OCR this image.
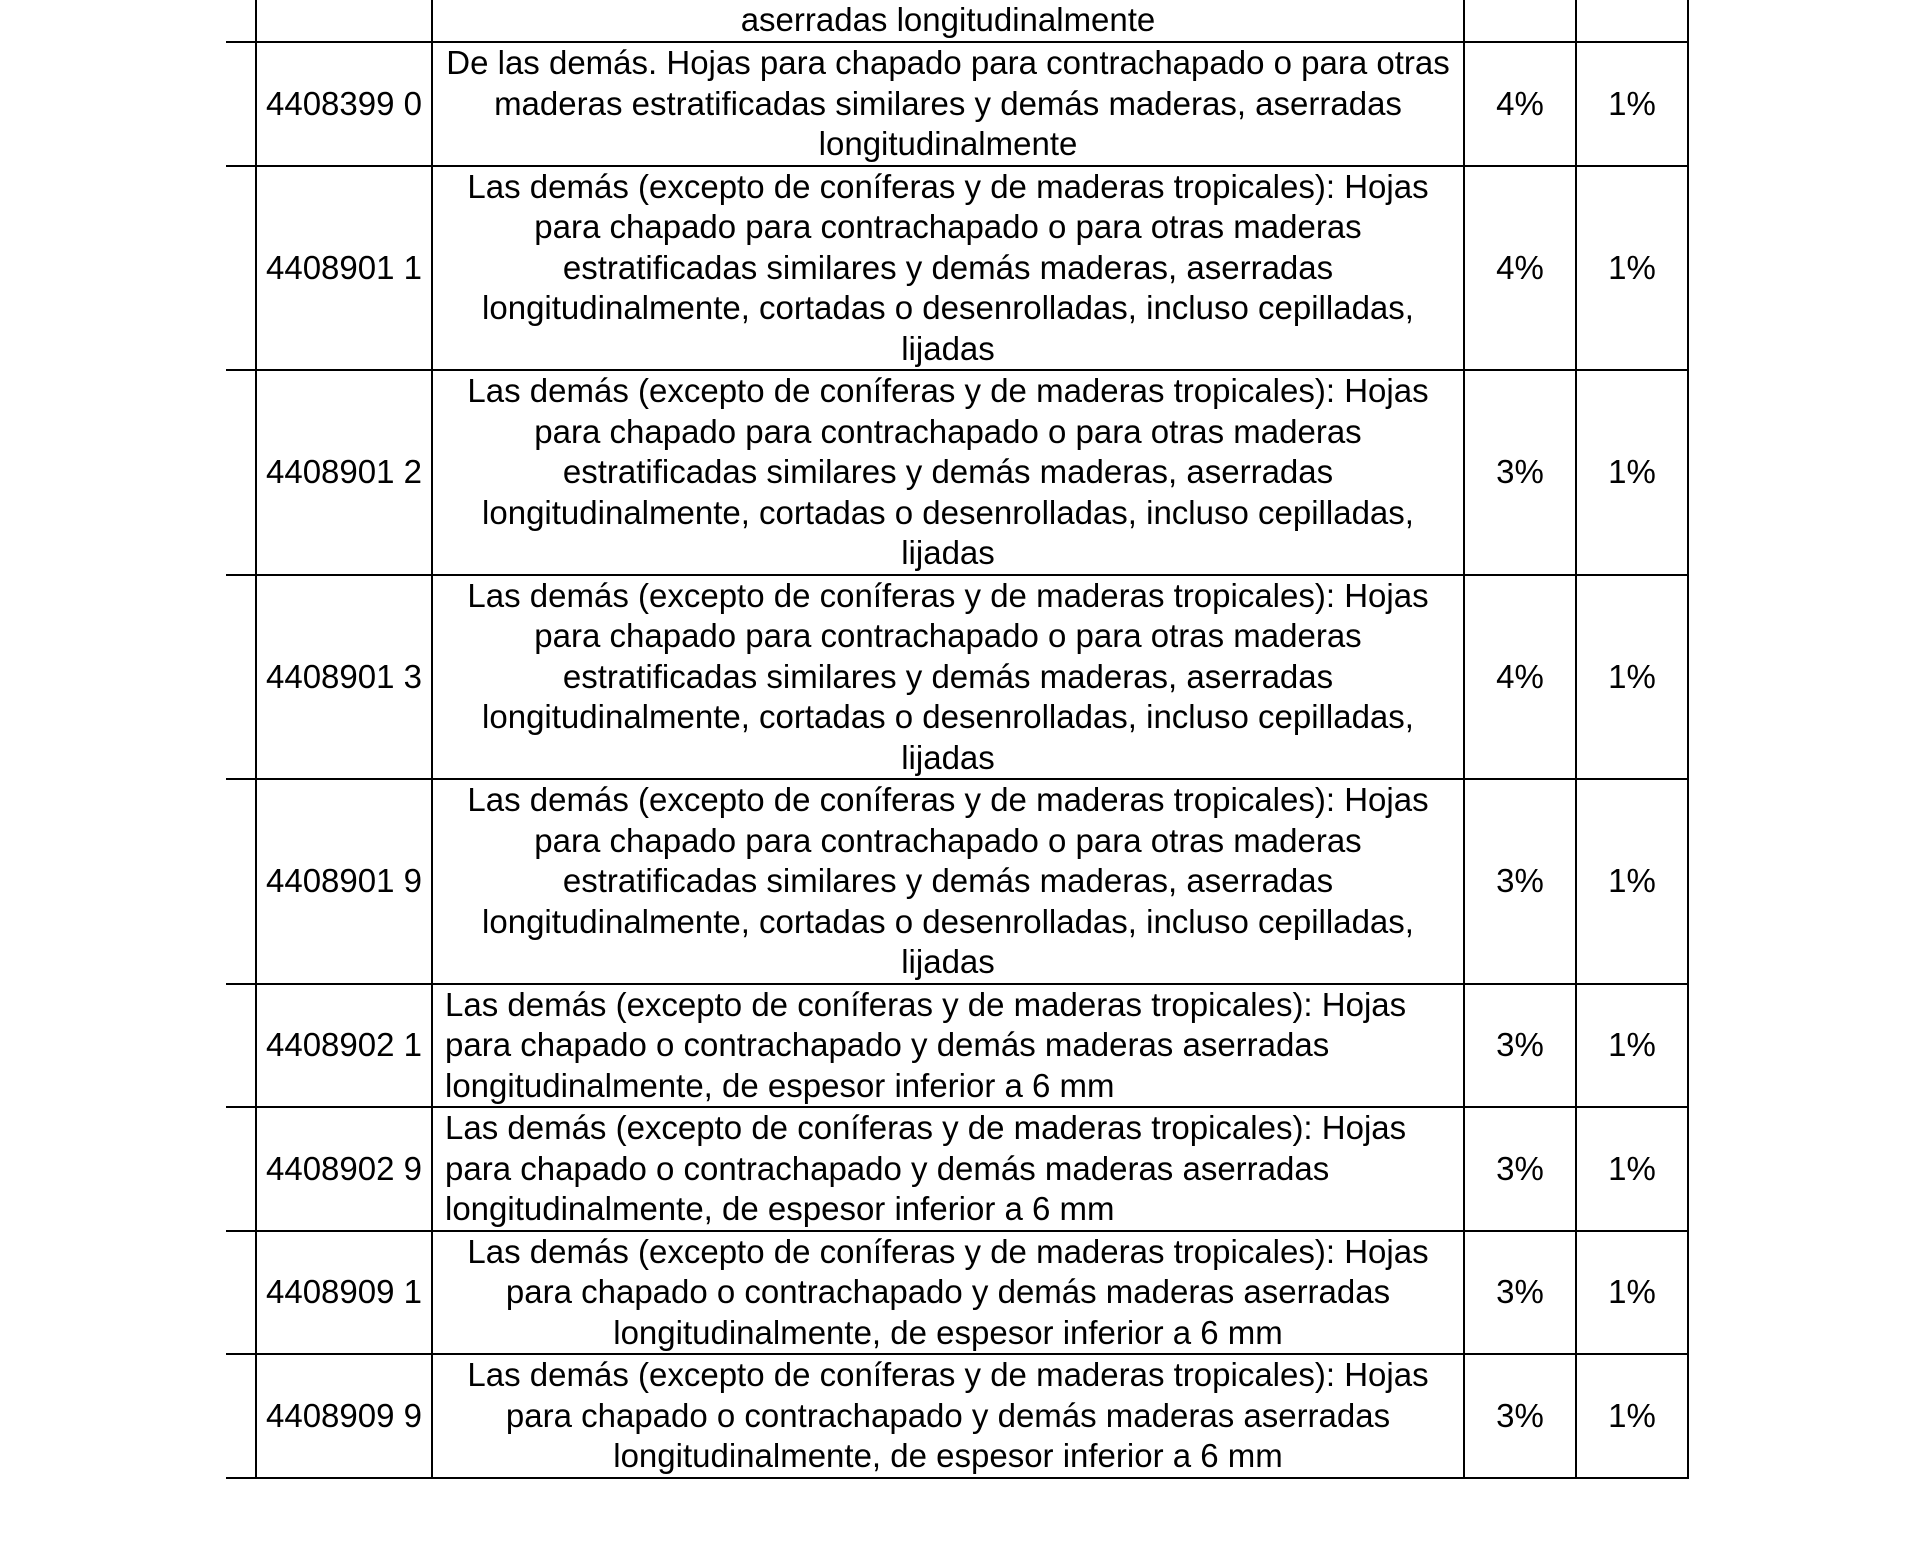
		aserradas longitudinalmente		
	4408399 0	De las demás. Hojas para chapado para contrachapado o para otras maderas estratificadas similares y demás maderas, aserradas longitudinalmente	4%	1%
	4408901 1	Las demás (excepto de coníferas y de maderas tropicales): Hojas para chapado para contrachapado o para otras maderas estratificadas similares y demás maderas, aserradas longitudinalmente, cortadas o desenrolladas, incluso cepilladas, lijadas	4%	1%
	4408901 2	Las demás (excepto de coníferas y de maderas tropicales): Hojas para chapado para contrachapado o para otras maderas estratificadas similares y demás maderas, aserradas longitudinalmente, cortadas o desenrolladas, incluso cepilladas, lijadas	3%	1%
	4408901 3	Las demás (excepto de coníferas y de maderas tropicales): Hojas para chapado para contrachapado o para otras maderas estratificadas similares y demás maderas, aserradas longitudinalmente, cortadas o desenrolladas, incluso cepilladas, lijadas	4%	1%
	4408901 9	Las demás (excepto de coníferas y de maderas tropicales): Hojas para chapado para contrachapado o para otras maderas estratificadas similares y demás maderas, aserradas longitudinalmente, cortadas o desenrolladas, incluso cepilladas, lijadas	3%	1%
	4408902 1	Las demás (excepto de coníferas y de maderas tropicales): Hojas para chapado o contrachapado y demás maderas aserradas longitudinalmente, de espesor inferior a 6 mm	3%	1%
	4408902 9	Las demás (excepto de coníferas y de maderas tropicales): Hojas para chapado o contrachapado y demás maderas aserradas longitudinalmente, de espesor inferior a 6 mm	3%	1%
	4408909 1	Las demás (excepto de coníferas y de maderas tropicales): Hojas para chapado o contrachapado y demás maderas aserradas longitudinalmente, de espesor inferior a 6 mm	3%	1%
	4408909 9	Las demás (excepto de coníferas y de maderas tropicales): Hojas para chapado o contrachapado y demás maderas aserradas longitudinalmente, de espesor inferior a 6 mm	3%	1%
